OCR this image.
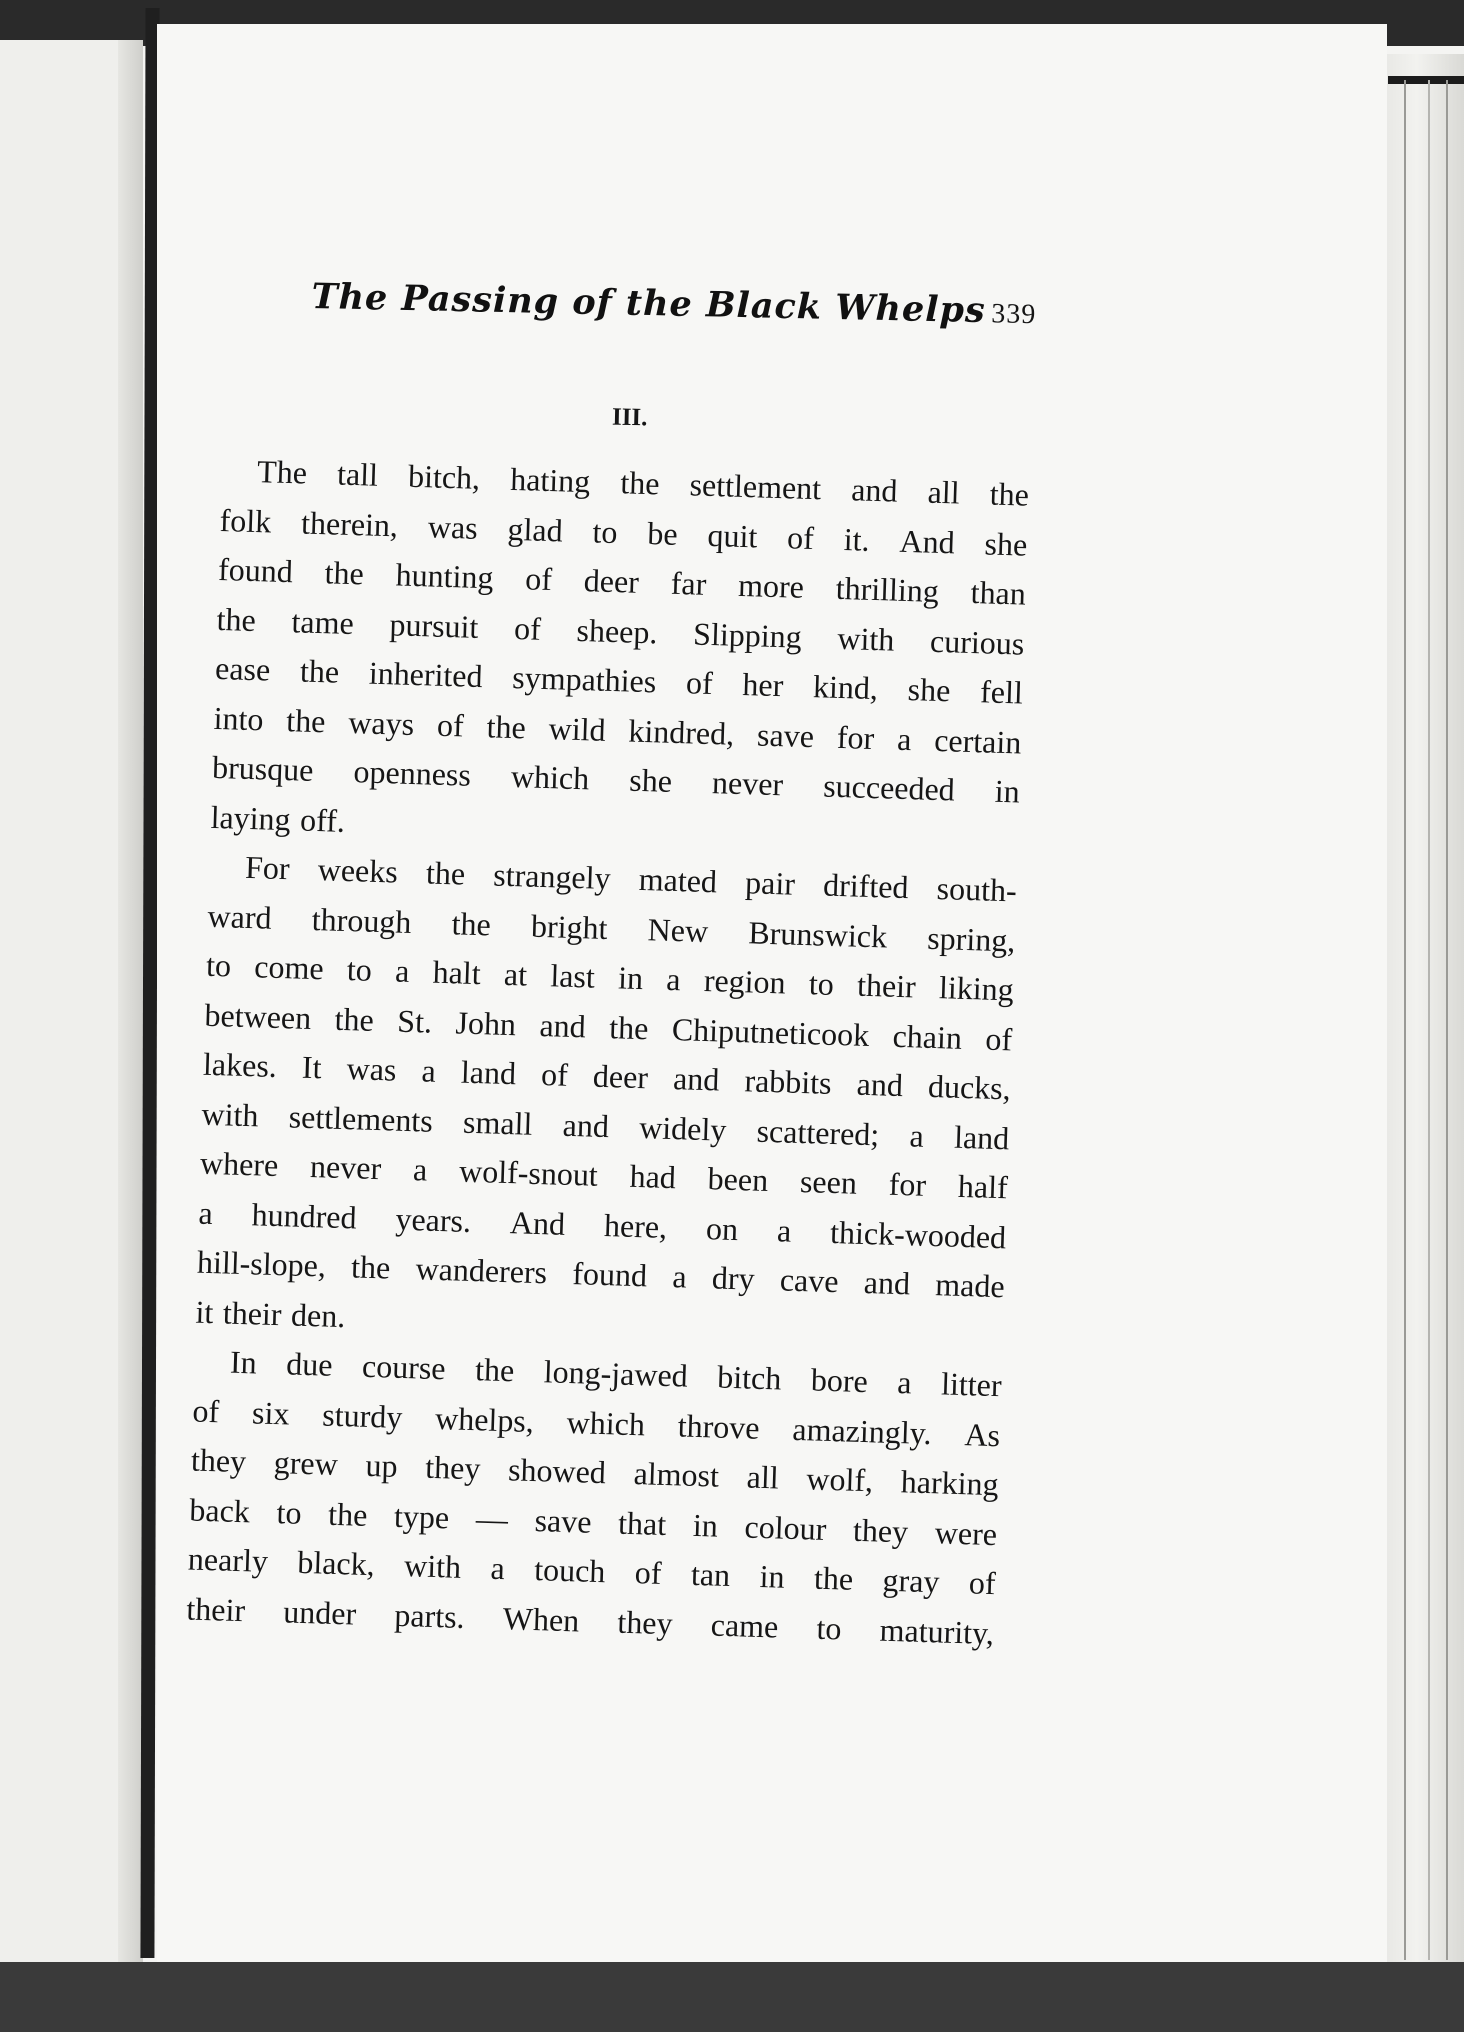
The Passing of the Black Whelps 339
III.
The tall bitch, hating the settlement and all the
folk therein, was glad to be quit of it. And she
found the hunting of deer far more thrilling than
the tame pursuit of sheep. Slipping with curious
ease the inherited sympathies of her kind, she fell
into the ways of the wild kindred, save for a certain
brusque openness which she never succeeded in
laying off.
For weeks the strangely mated pair drifted south-
ward through the bright New Brunswick spring,
to come to a halt at last in a region to their liking
between the St. John and the Chiputneticook chain of
lakes. It was a land of deer and rabbits and ducks,
with settlements small and widely scattered; a land
where never a wolf-snout had been seen for half
a hundred years. And here, on a thick-wooded
hill-slope, the wanderers found a dry cave and made
it their den.
In due course the long-jawed bitch bore a litter
of six sturdy whelps, which throve amazingly. As
they grew up they showed almost all wolf, harking
back to the type — save that in colour they were
nearly black, with a touch of tan in the gray of
their under parts. When they came to maturity,
